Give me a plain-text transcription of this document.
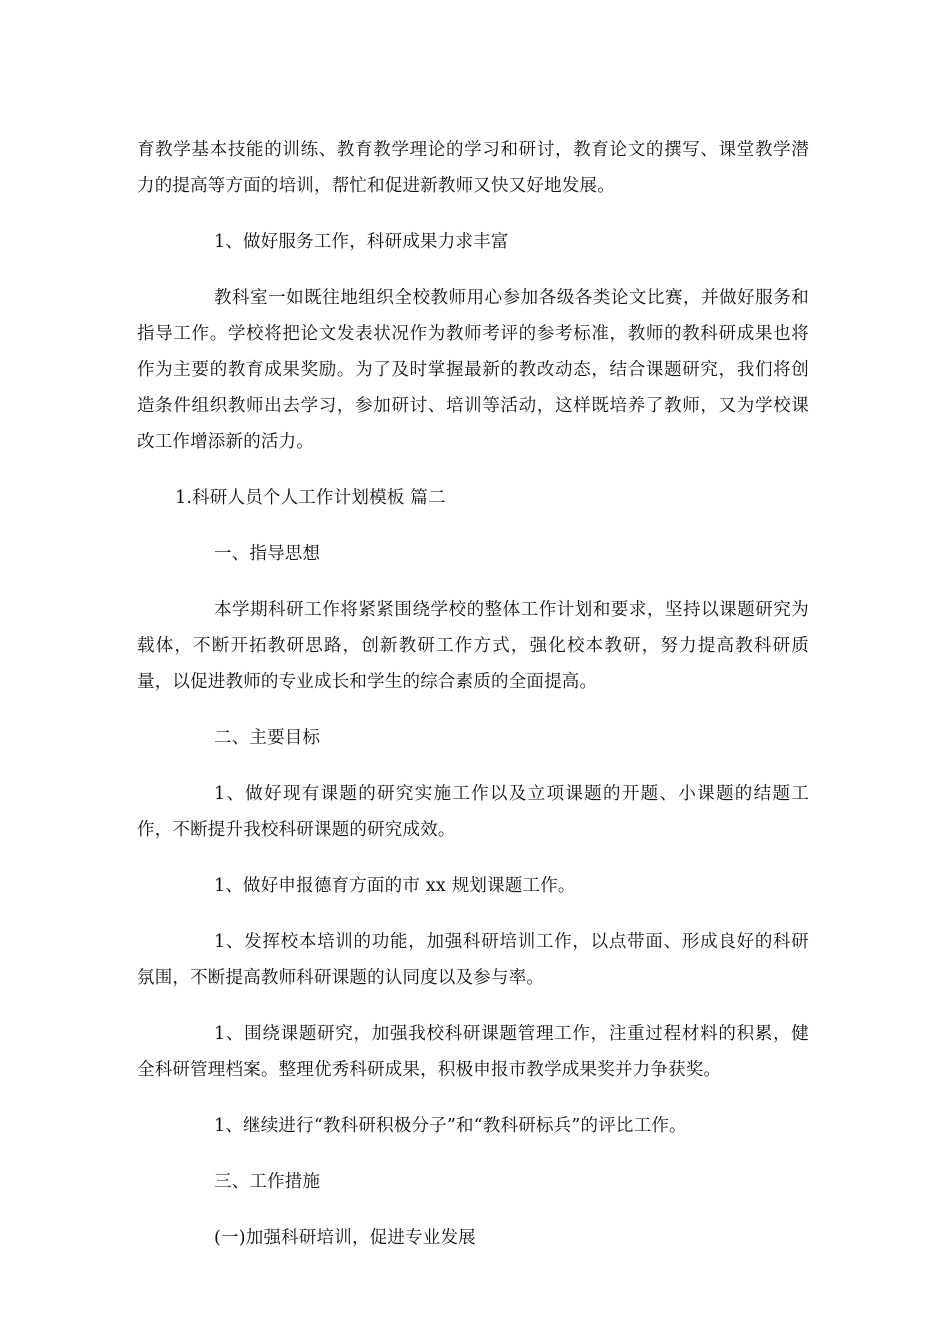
育教学基本技能的训练、教育教学理论的学习和研讨，教育论文的撰写、课堂教学潜力的提高等方面的培训，帮忙和促进新教师又快又好地发展。

1、做好服务工作，科研成果力求丰富

教科室一如既往地组织全校教师用心参加各级各类论文比赛，并做好服务和指导工作。学校将把论文发表状况作为教师考评的参考标准，教师的教科研成果也将作为主要的教育成果奖励。为了及时掌握最新的教改动态，结合课题研究，我们将创造条件组织教师出去学习，参加研讨、培训等活动，这样既培养了教师，又为学校课改工作增添新的活力。

1.科研人员个人工作计划模板 篇二

一、指导思想

本学期科研工作将紧紧围绕学校的整体工作计划和要求，坚持以课题研究为载体，不断开拓教研思路，创新教研工作方式，强化校本教研，努力提高教科研质量，以促进教师的专业成长和学生的综合素质的全面提高。

二、主要目标

1、做好现有课题的研究实施工作以及立项课题的开题、小课题的结题工作，不断提升我校科研课题的研究成效。

1、做好申报德育方面的市 xx 规划课题工作。

1、发挥校本培训的功能，加强科研培训工作，以点带面、形成良好的科研氛围，不断提高教师科研课题的认同度以及参与率。

1、围绕课题研究，加强我校科研课题管理工作，注重过程材料的积累，健全科研管理档案。整理优秀科研成果，积极申报市教学成果奖并力争获奖。

1、继续进行“教科研积极分子”和“教科研标兵”的评比工作。

三、工作措施

(一)加强科研培训，促进专业发展
